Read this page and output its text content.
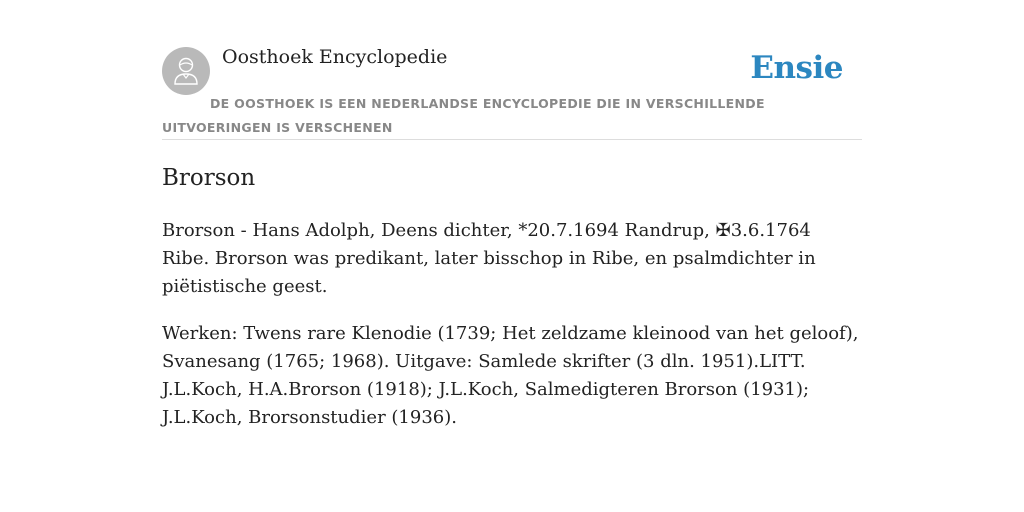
Oosthoek Encyclopedie	Ensie
DE OOSTHOEK IS EEN NEDERLANDSE ENCYCLOPEDIE DIE IN VERSCHILLENDE UITVOERINGEN IS VERSCHENEN
Brorson

Brorson - Hans Adolph, Deens dichter, *20.7.1694 Randrup, ✠3.6.1764 Ribe. Brorson was predikant, later bisschop in Ribe, en psalmdichter in piëtistische geest.

Werken: Twens rare Klenodie (1739; Het zeldzame kleinood van het geloof), Svanesang (1765; 1968). Uitgave: Samlede skrifter (3 dln. 1951).LITT. J.L.Koch, H.A.Brorson (1918); J.L.Koch, Salmedigteren Brorson (1931); J.L.Koch, Brorsonstudier (1936).
